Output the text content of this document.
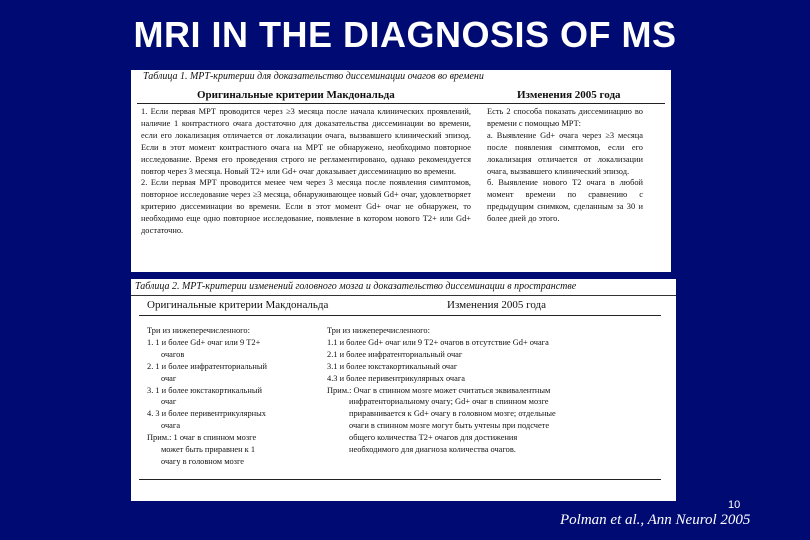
MRI IN THE DIAGNOSIS OF MS
Таблица 1. МРТ-критерии для доказательство диссеминации очагов во времени
Оригинальные критерии Макдональда	Изменения 2005 года

1. Если первая МРТ проводится через ≥3 месяца после начала клинических проявлений, наличие 1 контрастного очага достаточно для доказательства диссеминации во времени, если его локализация отличается от локализации очага, вызвавшего клинический эпизод. Если в этот момент контрастного очага на МРТ не обнаружено, необходимо повторное исследование. Время его проведения строго не регламентировано, однако рекомендуется повтор через 3 месяца. Новый Т2+ или Gd+ очаг доказывает диссеминацию во времени.

2. Если первая МРТ проводится менее чем через 3 месяца после появления симптомов, повторное исследование через ≥3 месяца, обнаруживающее новый Gd+ очаг, удовлетворяет критерию диссеминации во времени. Если в этот момент Gd+ очаг не обнаружен, то необходимо еще одно повторное исследование, появление в котором нового Т2+ или Gd+ достаточно.

Есть 2 способа показать диссеминацию во времени с помощью МРТ:

а. Выявление Gd+ очага через ≥3 месяца после появления симптомов, если его локализация отличается от локализации очага, вызвавшего клинический эпизод.

б. Выявление нового Т2 очага в любой момент времени по сравнению с предыдущим снимком, сделанным за 30 и более дней до этого.

Таблица 2. МРТ-критерии изменений головного мозга и доказательство диссеминации в пространстве
Оригинальные критерии Макдональда	Изменения 2005 года
Три из нижеперечисленного:
1. 1 и более Gd+ очаг или 9 Т2+
очагов
2. 1 и более инфратенториальный
очаг
3. 1 и более юкстакортикальный
очаг
4. 3 и более перивентрикулярных
очага
Прим.: 1 очаг в спинном мозге
может быть приравнен к 1
очагу в головном мозге
Три из нижеперечисленного:
1.1 и более Gd+ очаг или 9 Т2+ очагов в отсутствие Gd+ очага
2.1 и более инфратенториальный очаг
3.1 и более юкстакортикальный очаг
4.3 и более перивентрикулярных очага
Прим.: Очаг в спинном мозге может считаться эквивалентным
инфратенториальному очагу; Gd+ очаг в спинном мозге
приравнивается к Gd+ очагу в головном мозге; отдельные
очаги в спинном мозге могут быть учтены при подсчете
общего количества Т2+ очагов для достижения
необходимого для диагноза количества очагов.
10
Polman et al., Ann Neurol 2005
